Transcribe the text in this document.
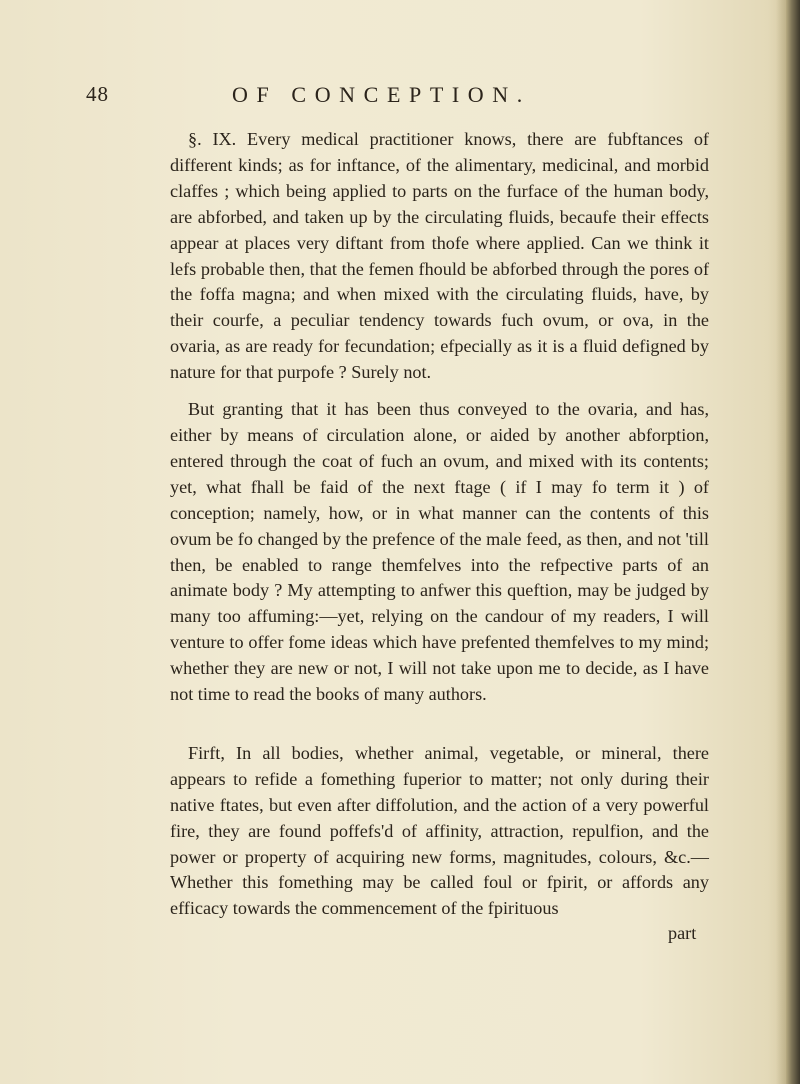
48	OF CONCEPTION.

§. IX. Every medical practitioner knows, there are fubftances of different kinds; as for inftance, of the alimentary, medicinal, and morbid claffes ; which being applied to parts on the furface of the human body, are abforbed, and taken up by the circulating fluids, becaufe their effects appear at places very diftant from thofe where applied. Can we think it lefs probable then, that the femen fhould be abforbed through the pores of the foffa magna; and when mixed with the circulating fluids, have, by their courfe, a peculiar tendency towards fuch ovum, or ova, in the ovaria, as are ready for fecundation; efpecially as it is a fluid defigned by nature for that purpofe ? Surely not.

But granting that it has been thus conveyed to the ovaria, and has, either by means of circulation alone, or aided by another abforption, entered through the coat of fuch an ovum, and mixed with its contents; yet, what fhall be faid of the next ftage ( if I may fo term it ) of conception; namely, how, or in what manner can the contents of this ovum be fo changed by the prefence of the male feed, as then, and not 'till then, be enabled to range themfelves into the refpective parts of an animate body ? My attempting to anfwer this queftion, may be judged by many too affuming:—yet, relying on the candour of my readers, I will venture to offer fome ideas which have prefented themfelves to my mind; whether they are new or not, I will not take upon me to decide, as I have not time to read the books of many authors.

Firft, In all bodies, whether animal, vegetable, or mineral, there appears to refide a fomething fuperior to matter; not only during their native ftates, but even after diffolution, and the action of a very powerful fire, they are found poffefs'd of affinity, attraction, repulfion, and the power or property of acquiring new forms, magnitudes, colours, &c.—Whether this fomething may be called foul or fpirit, or affords any efficacy towards the commencement of the fpirituous

part
